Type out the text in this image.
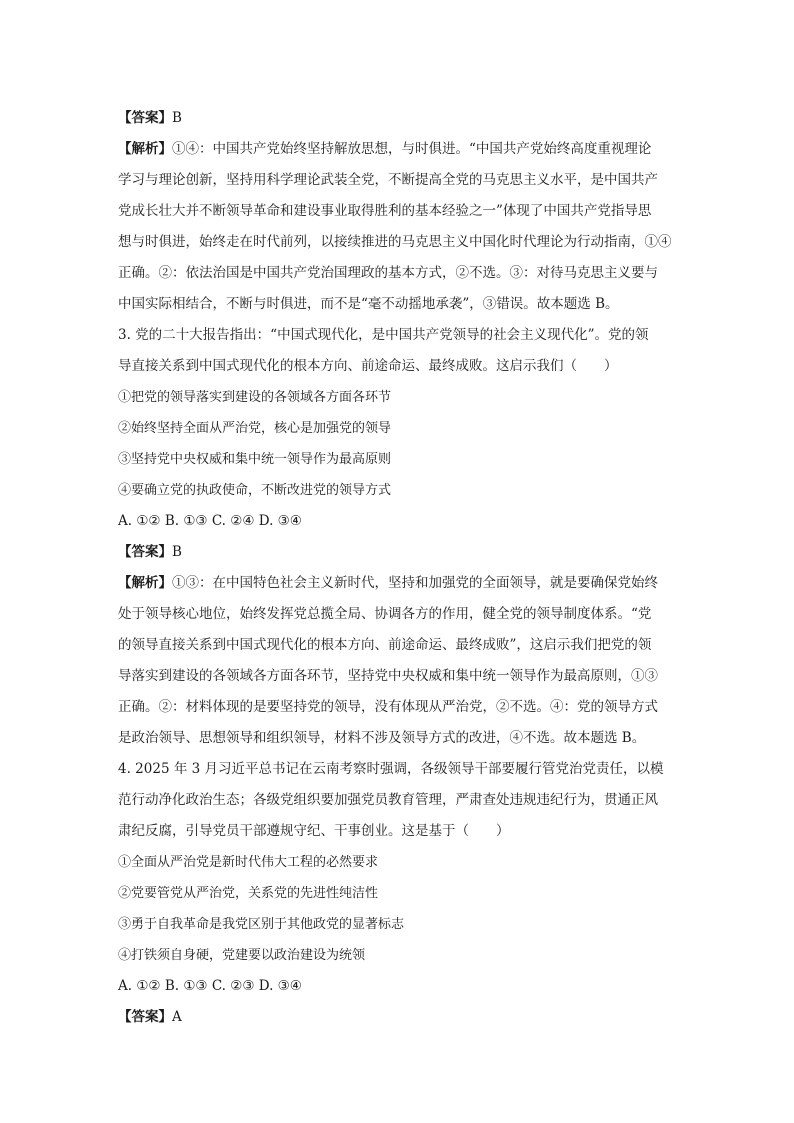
【答案】B
【解析】①④：中国共产党始终坚持解放思想，与时俱进。“中国共产党始终高度重视理论
学习与理论创新，坚持用科学理论武装全党，不断提高全党的马克思主义水平，是中国共产
党成长壮大并不断领导革命和建设事业取得胜利的基本经验之一”体现了中国共产党指导思
想与时俱进，始终走在时代前列，以接续推进的马克思主义中国化时代理论为行动指南，①④
正确。②：依法治国是中国共产党治国理政的基本方式，②不选。③：对待马克思主义要与
中国实际相结合，不断与时俱进，而不是“毫不动摇地承袭”，③错误。故本题选 B。
3. 党的二十大报告指出：“中国式现代化，是中国共产党领导的社会主义现代化”。党的领
导直接关系到中国式现代化的根本方向、前途命运、最终成败。这启示我们（　　）
①把党的领导落实到建设的各领域各方面各环节
②始终坚持全面从严治党，核心是加强党的领导
③坚持党中央权威和集中统一领导作为最高原则
④要确立党的执政使命，不断改进党的领导方式
A. ①② B. ①③ C. ②④ D. ③④
【答案】B
【解析】①③：在中国特色社会主义新时代，坚持和加强党的全面领导，就是要确保党始终
处于领导核心地位，始终发挥党总揽全局、协调各方的作用，健全党的领导制度体系。“党
的领导直接关系到中国式现代化的根本方向、前途命运、最终成败”，这启示我们把党的领
导落实到建设的各领域各方面各环节，坚持党中央权威和集中统一领导作为最高原则，①③
正确。②：材料体现的是要坚持党的领导，没有体现从严治党，②不选。④：党的领导方式
是政治领导、思想领导和组织领导，材料不涉及领导方式的改进，④不选。故本题选 B。
4. 2025 年 3 月习近平总书记在云南考察时强调，各级领导干部要履行管党治党责任，以模
范行动净化政治生态；各级党组织要加强党员教育管理，严肃查处违规违纪行为，贯通正风
肃纪反腐，引导党员干部遵规守纪、干事创业。这是基于（　　）
①全面从严治党是新时代伟大工程的必然要求
②党要管党从严治党，关系党的先进性纯洁性
③勇于自我革命是我党区别于其他政党的显著标志
④打铁须自身硬，党建要以政治建设为统领
A. ①② B. ①③ C. ②③ D. ③④
【答案】A
